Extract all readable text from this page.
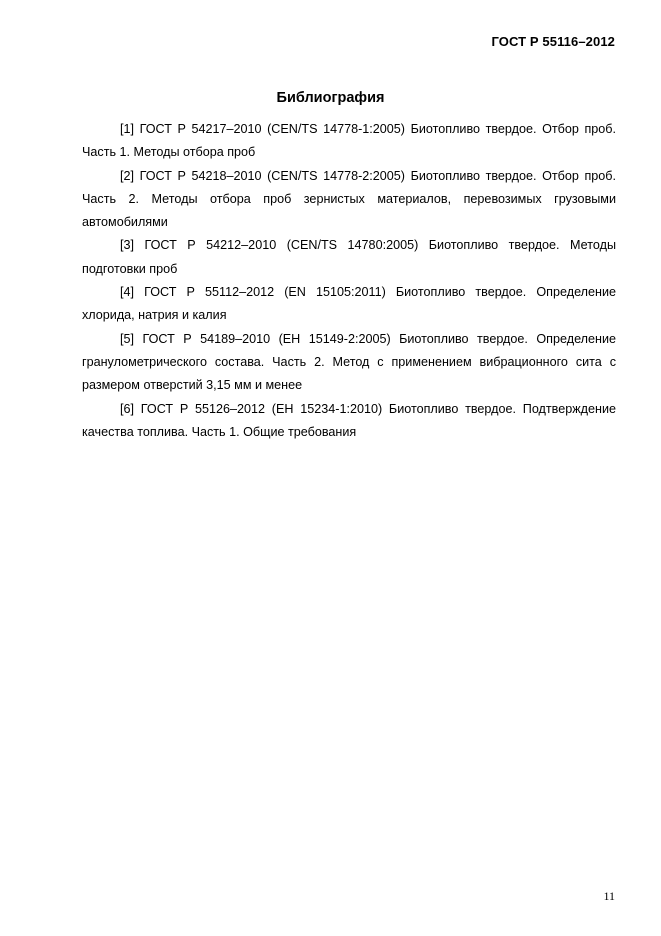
ГОСТ Р 55116–2012
Библиография

[1] ГОСТ Р 54217–2010 (CEN/TS 14778-1:2005) Биотопливо твердое. Отбор проб. Часть 1. Методы отбора проб

[2] ГОСТ Р 54218–2010 (CEN/TS 14778-2:2005) Биотопливо твердое. Отбор проб. Часть 2. Методы отбора проб зернистых материалов, перевозимых грузовыми автомобилями

[3] ГОСТ Р 54212–2010 (CEN/TS 14780:2005) Биотопливо твердое. Методы подготовки проб

[4] ГОСТ Р 55112–2012 (EN 15105:2011) Биотопливо твердое. Определение хлорида, натрия и калия

[5] ГОСТ Р 54189–2010 (ЕН 15149-2:2005) Биотопливо твердое. Определение гранулометрического состава. Часть 2. Метод с применением вибрационного сита с размером отверстий 3,15 мм и менее

[6] ГОСТ Р 55126–2012 (ЕН 15234-1:2010) Биотопливо твердое. Подтверждение качества топлива. Часть 1. Общие требования

11
